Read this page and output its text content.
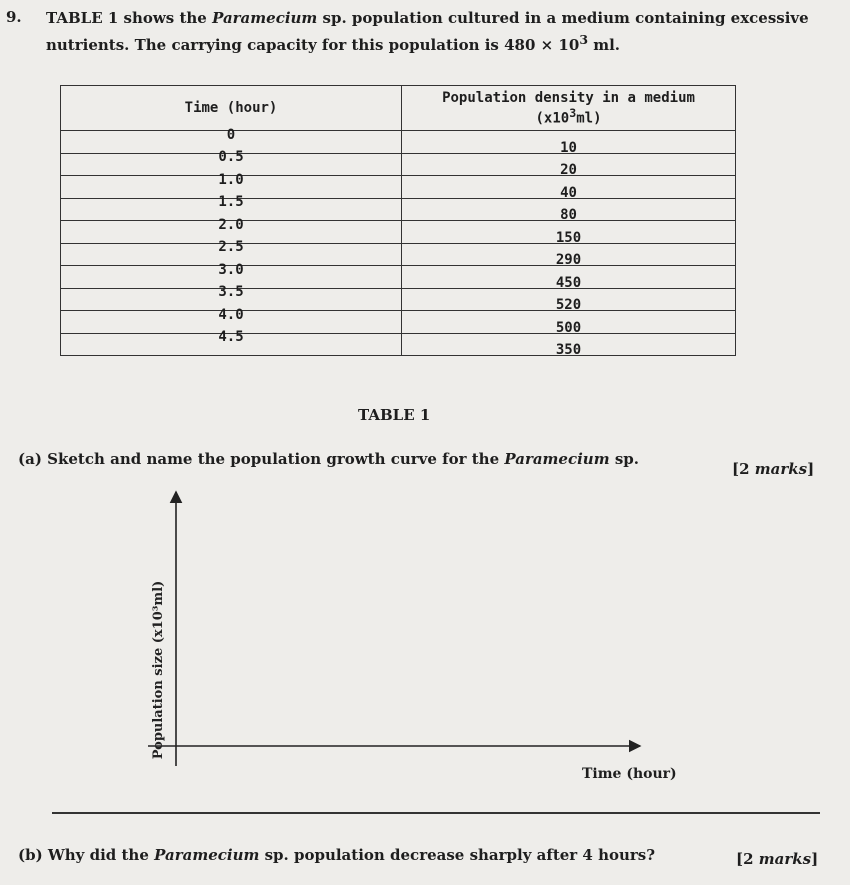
9. TABLE 1 shows the Paramecium sp. population cultured in a medium containing excessive nutrients. The carrying capacity for this population is $480 \times 10^3$ ml.
Time (hour)	Population density in a medium
$(x10^3ml)$

0	10
0.5	20
1.0	40
1.5	80
2.0	150
2.5	290
3.0	450
3.5	520
4.0	500
4.5	350
TABLE 1
(a) Sketch and name the population growth curve for the Paramecium sp.
[2 marks]
Population size (x10³ml)
Time (hour)
(b) Why did the Paramecium sp. population decrease sharply after 4 hours?	[2 marks]
